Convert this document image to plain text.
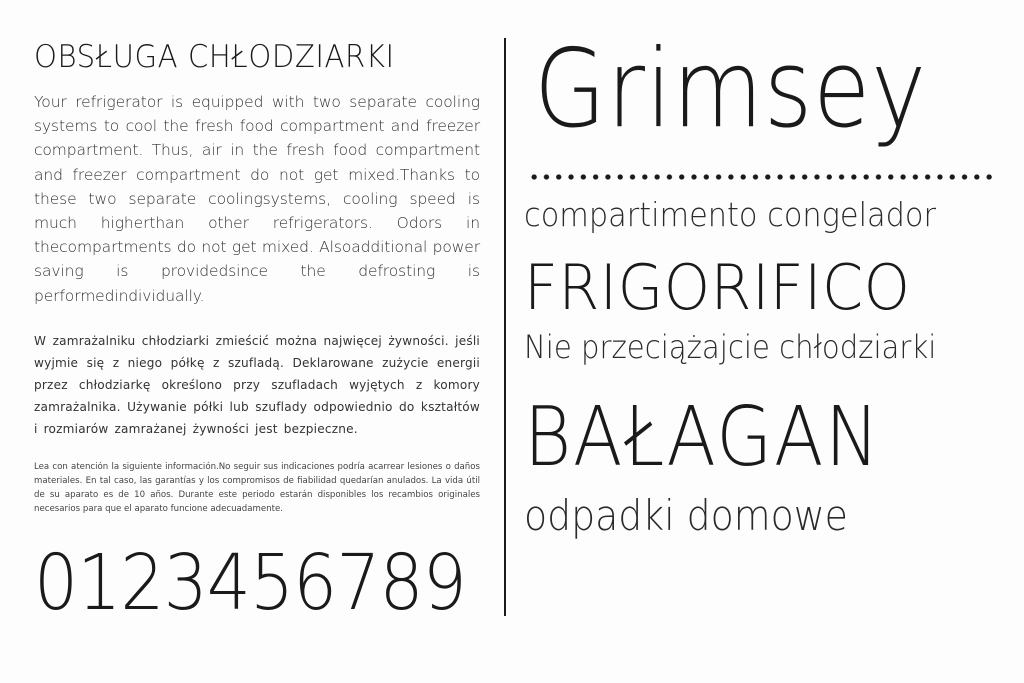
OBSŁUGA CHŁODZIARKI

Your refrigerator is equipped with two separate cooling systems to cool the fresh food compartment and freezer compartment. Thus, air in the fresh food compartment and freezer compartment do not get mixed.Thanks to these two separate coolingsystems, cooling speed is much higherthan other refrigerators. Odors in thecompartments do not get mixed. Alsoadditional power saving is providedsince the defrosting is performedindividually.

W zamrażalniku chłodziarki zmieścić można najwięcej żywności. jeśli wyjmie się z niego półkę z szufladą. Deklarowane zużycie energii przez chłodziarkę określono przy szufladach wyjętych z komory zamrażalnika. Używanie półki lub szuflady odpowiednio do kształtów i rozmiarów zamrażanej żywności jest bezpieczne.

Lea con atención la siguiente información.No seguir sus indicaciones podría acarrear lesiones o daños materiales. En tal caso, las garantías y los compromisos de fiabilidad quedarían anulados. La vida útil de su aparato es de 10 años. Durante este periodo estarán disponibles los recambios originales necesarios para que el aparato funcione adecuadamente.

0123456789
Grimsey
compartimento congelador
FRIGORIFICO
Nie przeciążajcie chłodziarki
BAŁAGAN
odpadki domowe
